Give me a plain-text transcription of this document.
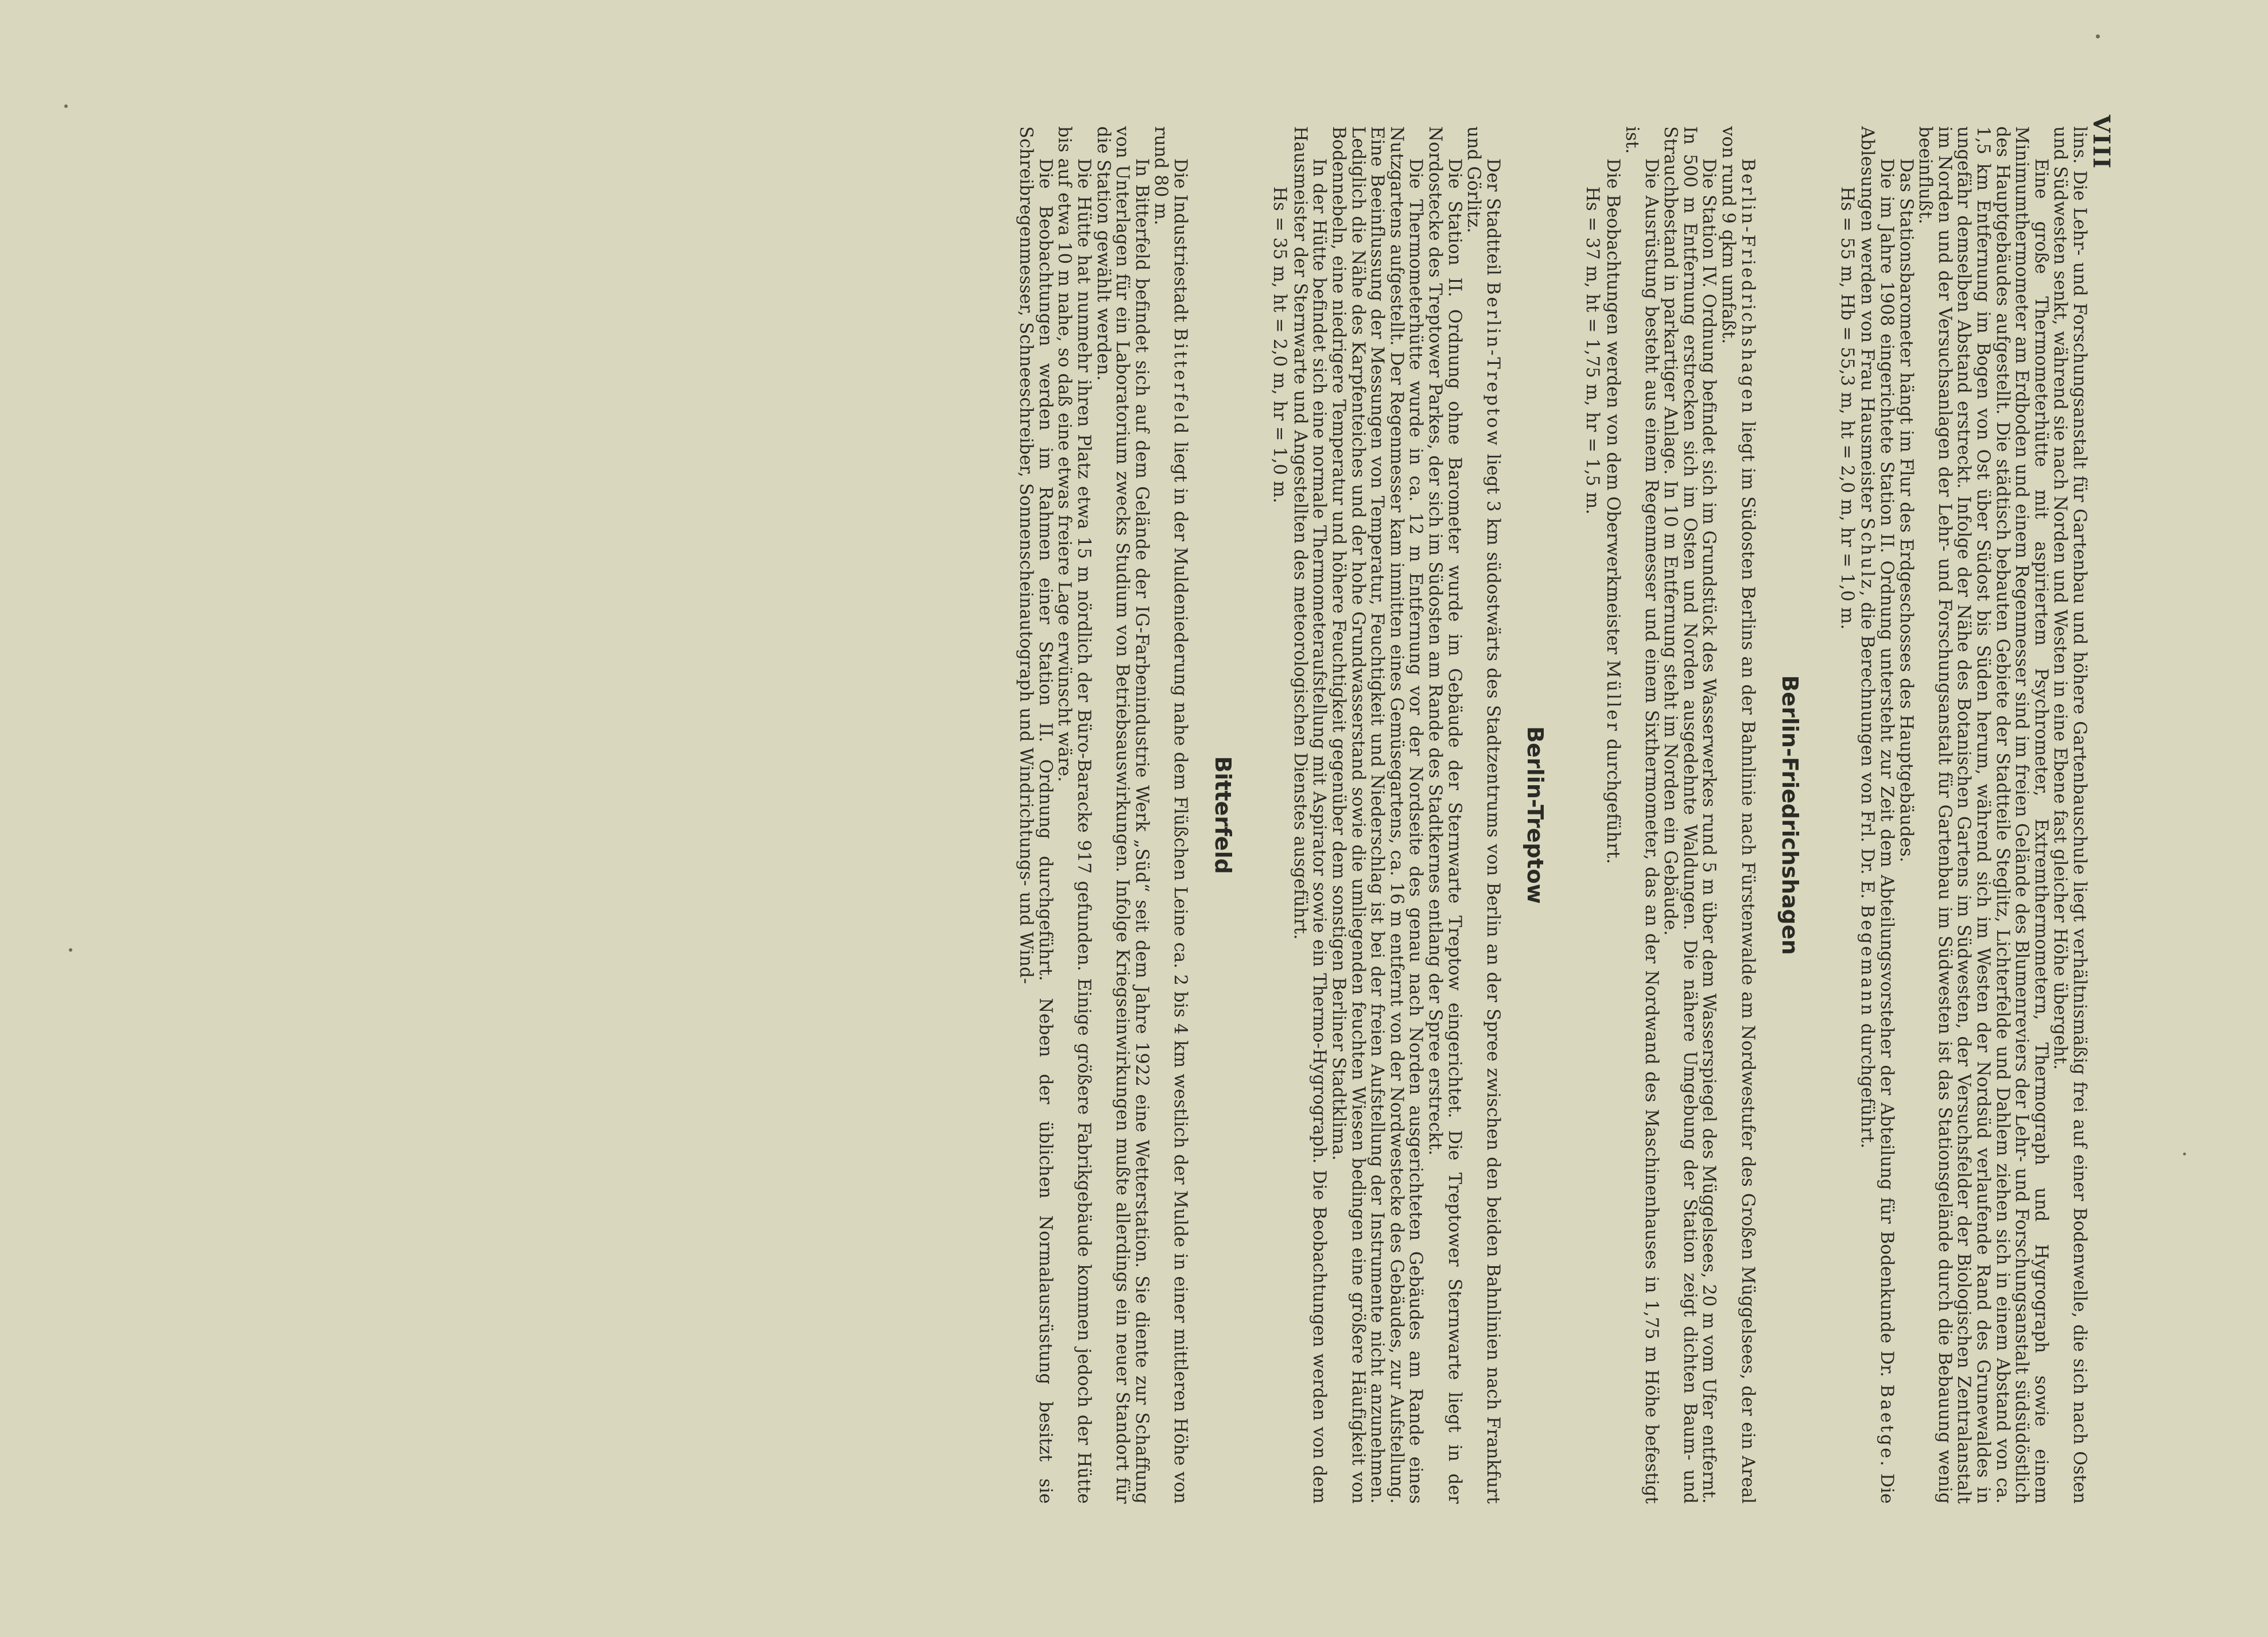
VIII

lins. Die Lehr- und Forschungsanstalt für Gartenbau und höhere Gartenbauschule liegt verhältnismäßig frei auf einer Bodenwelle, die sich nach Osten und Südwesten senkt, während sie nach Norden und Westen in eine Ebene fast gleicher Höhe übergeht.

Eine große Thermometerhütte mit aspiriertem Psychrometer, Extremthermometern, Thermograph und Hygrograph sowie einem Minimumthermometer am Erdboden und einem Regenmesser sind im freien Gelände des Blumenreviers der Lehr- und Forschungsanstalt südsüdöstlich des Hauptgebäudes aufgestellt. Die städtisch bebauten Gebiete der Stadtteile Steglitz, Lichterfelde und Dahlem ziehen sich in einem Abstand von ca. 1,5 km Entfernung im Bogen von Ost über Südost bis Süden herum, während sich im Westen der Nordsüd verlaufende Rand des Grunewaldes in ungefähr demselben Abstand erstreckt. Infolge der Nähe des Botanischen Gartens im Südwesten, der Versuchsfelder der Biologischen Zentralanstalt im Norden und der Versuchsanlagen der Lehr- und Forschungsanstalt für Gartenbau im Südwesten ist das Stationsgelände durch die Bebauung wenig beeinflußt.

Das Stationsbarometer hängt im Flur des Erdgeschosses des Hauptgebäudes.

Die im Jahre 1908 eingerichtete Station II. Ordnung untersteht zur Zeit dem Abteilungsvorsteher der Abteilung für Bodenkunde Dr. Baetge. Die Ablesungen werden von Frau Hausmeister Schulz, die Berechnungen von Frl. Dr. E. Begemann durchgeführt.

Hs = 55 m, Hb = 55,3 m, ht = 2,0 m, hr = 1,0 m.

Berlin-Friedrichshagen

Berlin-Friedrichshagen liegt im Südosten Berlins an der Bahnlinie nach Fürstenwalde am Nordwestufer des Großen Müggelsees, der ein Areal von rund 9 qkm umfaßt.

Die Station IV. Ordnung befindet sich im Grundstück des Wasserwerkes rund 5 m über dem Wasserspiegel des Müggelsees, 20 m vom Ufer entfernt. In 500 m Entfernung erstrecken sich im Osten und Norden ausgedehnte Waldungen. Die nähere Umgebung der Station zeigt dichten Baum- und Strauchbestand in parkartiger Anlage. In 10 m Entfernung steht im Norden ein Gebäude.

Die Ausrüstung besteht aus einem Regenmesser und einem Sixthermometer, das an der Nordwand des Maschinenhauses in 1,75 m Höhe befestigt ist.

Die Beobachtungen werden von dem Oberwerkmeister Müller durchgeführt.

Hs = 37 m, ht = 1,75 m, hr = 1,5 m.

Berlin-Treptow

Der Stadtteil Berlin-Treptow liegt 3 km südostwärts des Stadtzentrums von Berlin an der Spree zwischen den beiden Bahnlinien nach Frankfurt und Görlitz.

Die Station II. Ordnung ohne Barometer wurde im Gebäude der Sternwarte Treptow eingerichtet. Die Treptower Sternwarte liegt in der Nordostecke des Treptower Parkes, der sich im Südosten am Rande des Stadtkernes entlang der Spree erstreckt.

Die Thermometerhütte wurde in ca. 12 m Entfernung vor der Nordseite des genau nach Norden ausgerichteten Gebäudes am Rande eines Nutzgartens aufgestellt. Der Regenmesser kam inmitten eines Gemüsegartens, ca. 16 m entfernt von der Nordwestecke des Gebäudes, zur Aufstellung. Eine Beeinflussung der Messungen von Temperatur, Feuchtigkeit und Niederschlag ist bei der freien Aufstellung der Instrumente nicht anzunehmen. Lediglich die Nähe des Karpfenteiches und der hohe Grundwasserstand sowie die umliegenden feuchten Wiesen bedingen eine größere Häufigkeit von Bodennebeln, eine niedrigere Temperatur und höhere Feuchtigkeit gegenüber dem sonstigen Berliner Stadtklima.

In der Hütte befindet sich eine normale Thermometeraufstellung mit Aspirator sowie ein Thermo-Hygrograph. Die Beobachtungen werden von dem Hausmeister der Sternwarte und Angestellten des meteorologischen Dienstes ausgeführt.

Hs = 35 m, ht = 2,0 m, hr = 1,0 m.

Bitterfeld

Die Industriestadt Bitterfeld liegt in der Muldeniederung nahe dem Flüßchen Leine ca. 2 bis 4 km westlich der Mulde in einer mittleren Höhe von rund 80 m.

In Bitterfeld befindet sich auf dem Gelände der IG-Farbenindustrie Werk „Süd“ seit dem Jahre 1922 eine Wetterstation. Sie diente zur Schaffung von Unterlagen für ein Laboratorium zwecks Studium von Betriebsauswirkungen. Infolge Kriegseinwirkungen mußte allerdings ein neuer Standort für die Station gewählt werden.

Die Hütte hat nunmehr ihren Platz etwa 15 m nördlich der Büro-Baracke 917 gefunden. Einige größere Fabrikgebäude kommen jedoch der Hütte bis auf etwa 10 m nahe, so daß eine etwas freiere Lage erwünscht wäre.

Die Beobachtungen werden im Rahmen einer Station II. Ordnung durchgeführt. Neben der üblichen Normalausrüstung besitzt sie Schreibregenmesser, Schneeschreiber, Sonnenscheinautograph und Windrichtungs- und Wind-
